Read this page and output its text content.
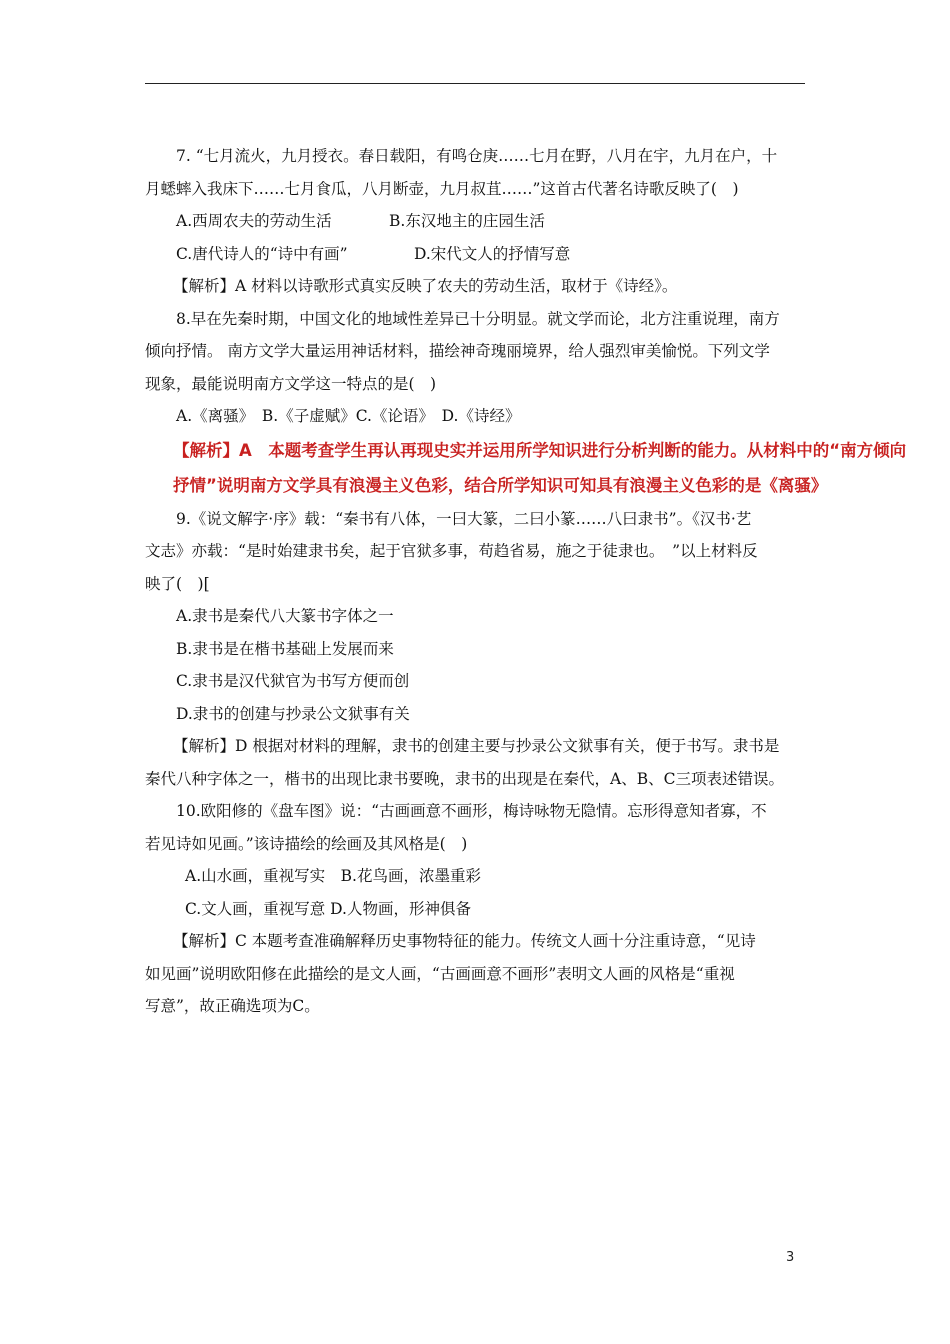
7. “七月流火，九月授衣。春日载阳，有鸣仓庚……七月在野，八月在宇，九月在户，十
月蟋蟀入我床下……七月食瓜，八月断壶，九月叔苴……”这首古代著名诗歌反映了(　)
A.西周农夫的劳动生活	B.东汉地主的庄园生活
C.唐代诗人的“诗中有画”	D.宋代文人的抒情写意
【解析】A 材料以诗歌形式真实反映了农夫的劳动生活，取材于《诗经》。
8.早在先秦时期，中国文化的地域性差异已十分明显。就文学而论，北方注重说理，南方
倾向抒情。 南方文学大量运用神话材料，描绘神奇瑰丽境界，给人强烈审美愉悦。下列文学
现象，最能说明南方文学这一特点的是(　)
A.《离骚》　B.《子虚赋》C.《论语》　D.《诗经》
【解析】A　本题考查学生再认再现史实并运用所学知识进行分析判断的能力。从材料中的“南方倾向
抒情”说明南方文学具有浪漫主义色彩，结合所学知识可知具有浪漫主义色彩的是《离骚》
9.《说文解字·序》载：“秦书有八体，一曰大篆，二曰小篆……八曰隶书”。《汉书·艺
文志》亦载：“是时始建隶书矣，起于官狱多事，苟趋省易，施之于徒隶也。　”以上材料反
映了(　)[
A.隶书是秦代八大篆书字体之一
B.隶书是在楷书基础上发展而来
C.隶书是汉代狱官为书写方便而创
D.隶书的创建与抄录公文狱事有关
【解析】D 根据对材料的理解，隶书的创建主要与抄录公文狱事有关，便于书写。隶书是
秦代八种字体之一，楷书的出现比隶书要晚，隶书的出现是在秦代，A、B、C三项表述错误。
10.欧阳修的《盘车图》说：“古画画意不画形，梅诗咏物无隐情。忘形得意知者寡，不
若见诗如见画。”该诗描绘的绘画及其风格是(　)
A.山水画，重视写实　B.花鸟画，浓墨重彩
C.文人画，重视写意 D.人物画，形神俱备
【解析】C 本题考查准确解释历史事物特征的能力。传统文人画十分注重诗意，“见诗
如见画”说明欧阳修在此描绘的是文人画，“古画画意不画形”表明文人画的风格是“重视
写意”，故正确选项为C。
3
